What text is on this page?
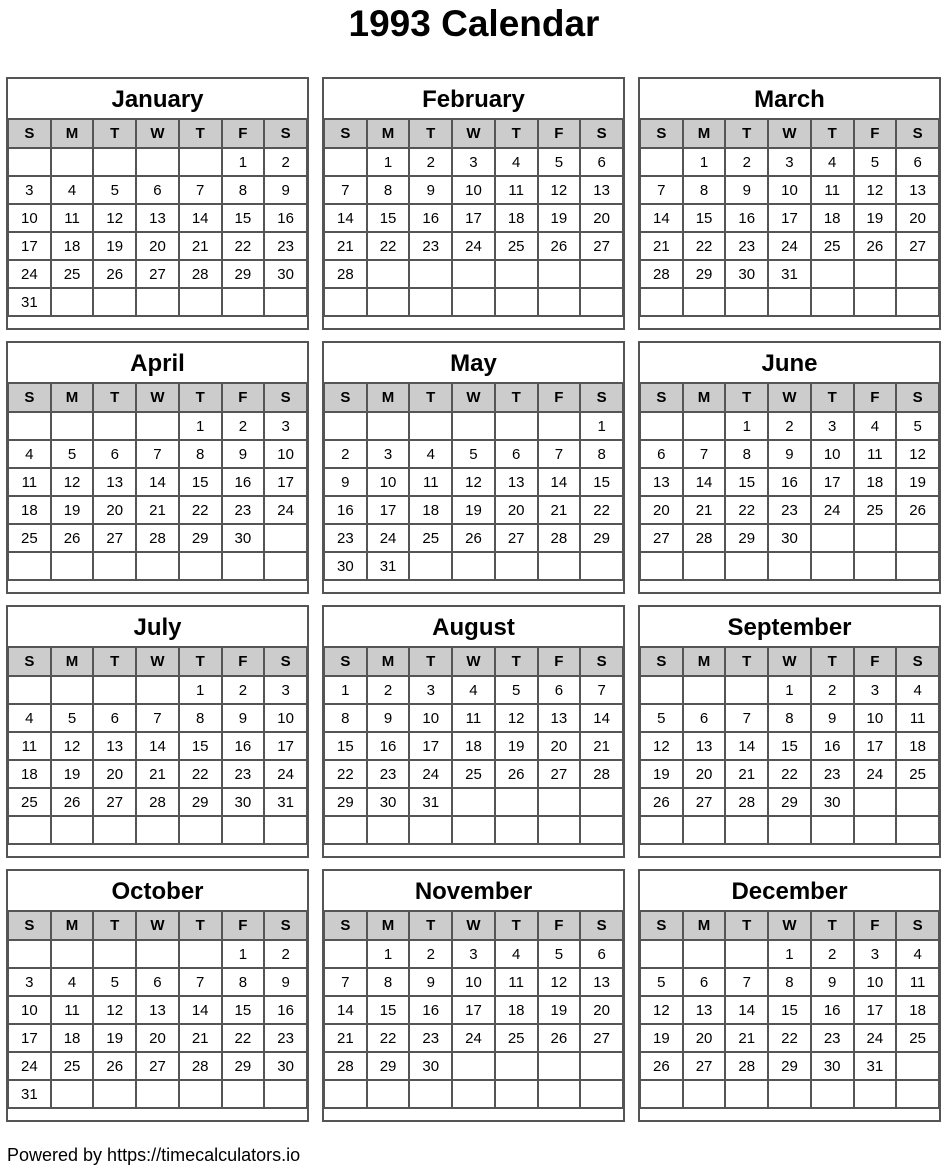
1993 Calendar
January
S	M	T	W	T	F	S
					1	2
3	4	5	6	7	8	9
10	11	12	13	14	15	16
17	18	19	20	21	22	23
24	25	26	27	28	29	30
31						
February
S	M	T	W	T	F	S
	1	2	3	4	5	6
7	8	9	10	11	12	13
14	15	16	17	18	19	20
21	22	23	24	25	26	27
28						

March
S	M	T	W	T	F	S
	1	2	3	4	5	6
7	8	9	10	11	12	13
14	15	16	17	18	19	20
21	22	23	24	25	26	27
28	29	30	31			

April
S	M	T	W	T	F	S
				1	2	3
4	5	6	7	8	9	10
11	12	13	14	15	16	17
18	19	20	21	22	23	24
25	26	27	28	29	30	

May
S	M	T	W	T	F	S
						1
2	3	4	5	6	7	8
9	10	11	12	13	14	15
16	17	18	19	20	21	22
23	24	25	26	27	28	29
30	31					
June
S	M	T	W	T	F	S
		1	2	3	4	5
6	7	8	9	10	11	12
13	14	15	16	17	18	19
20	21	22	23	24	25	26
27	28	29	30			

July
S	M	T	W	T	F	S
				1	2	3
4	5	6	7	8	9	10
11	12	13	14	15	16	17
18	19	20	21	22	23	24
25	26	27	28	29	30	31

August
S	M	T	W	T	F	S
1	2	3	4	5	6	7
8	9	10	11	12	13	14
15	16	17	18	19	20	21
22	23	24	25	26	27	28
29	30	31				

September
S	M	T	W	T	F	S
			1	2	3	4
5	6	7	8	9	10	11
12	13	14	15	16	17	18
19	20	21	22	23	24	25
26	27	28	29	30		

October
S	M	T	W	T	F	S
					1	2
3	4	5	6	7	8	9
10	11	12	13	14	15	16
17	18	19	20	21	22	23
24	25	26	27	28	29	30
31						
November
S	M	T	W	T	F	S
	1	2	3	4	5	6
7	8	9	10	11	12	13
14	15	16	17	18	19	20
21	22	23	24	25	26	27
28	29	30				

December
S	M	T	W	T	F	S
			1	2	3	4
5	6	7	8	9	10	11
12	13	14	15	16	17	18
19	20	21	22	23	24	25
26	27	28	29	30	31	

Powered by https://timecalculators.io
